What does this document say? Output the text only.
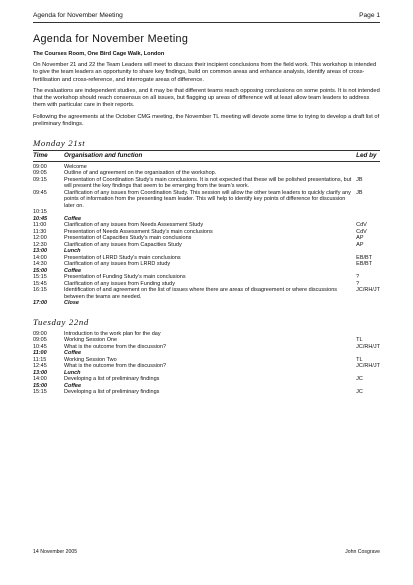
Agenda for November Meeting	Page 1
Agenda for November Meeting
The Courses Room, One Bird Cage Walk, London
On November 21 and 22 the Team Leaders will meet to discuss their incipient conclusions from the field work. This workshop is intended to give the team leaders an opportunity to share key findings, build on common areas and enhance analysis, identify areas of cross-fertilisation and cross-reference, and interrogate areas of difference.
The evaluations are independent studies, and it may be that different teams reach opposing conclusions on some points. It is not intended that the workshop should reach consensus on all issues, but flagging up areas of difference will at least allow team leaders to address them with particular care in their reports.
Following the agreements at the October CMG meeting, the November TL meeting will devote some time to trying to develop a draft list of preliminary findings.
Monday 21st
Time	Organisation and function	Led by
09:00	Welcome	
09:05	Outline of and agreement on the organisation of the workshop.	
09:15	Presentation of Coordination Study’s main conclusions. It is not expected that these will be polished presentations, but will present the key findings that seem to be emerging from the team’s work.	JB
09:45	Clarification of any issues from Coordination Study. This session will allow the other team leaders to quickly clarify any points of information from the presenting team leader. This will help to identify key points of difference for discussion later on.	JB
10:15		
10:45	Coffee	
11:00	Clarification of any issues from Needs Assessment Study	CdV
11:30	Presentation of Needs Assessment Study’s main conclusions	CdV
12:00	Presentation of Capacities Study’s main conclusions	AP
12:30	Clarification of any issues from Capacities Study	AP
13:00	Lunch	
14:00	Presentation of LRRD Study’s main conclusions	EB/BT
14:30	Clarification of any issues from LRRD study	EB/BT
15:00	Coffee	
15:15	Presentation of Funding Study’s main conclusions	?
15:45	Clarification of any issues from Funding study	?
16:15	Identification of and agreement on the list of issues where there are areas of disagreement or where discussions between the teams are needed.	JC/RH/JT
17:00	Close	
Tuesday 22nd
09:00	Introduction to the work plan for the day	
09:05	Working Session One	TL
10:45	What is the outcome from the discussion?	JC/RH/JT
11:00	Coffee	
11:15	Working Session Two	TL
12:45	What is the outcome from the discussion?	JC/RH/JT
13:00	Lunch	
14:00	Developing a list of preliminary findings	JC
15:00	Coffee	
15:15	Developing a list of preliminary findings	JC
14 November 2005	John Cosgrave
